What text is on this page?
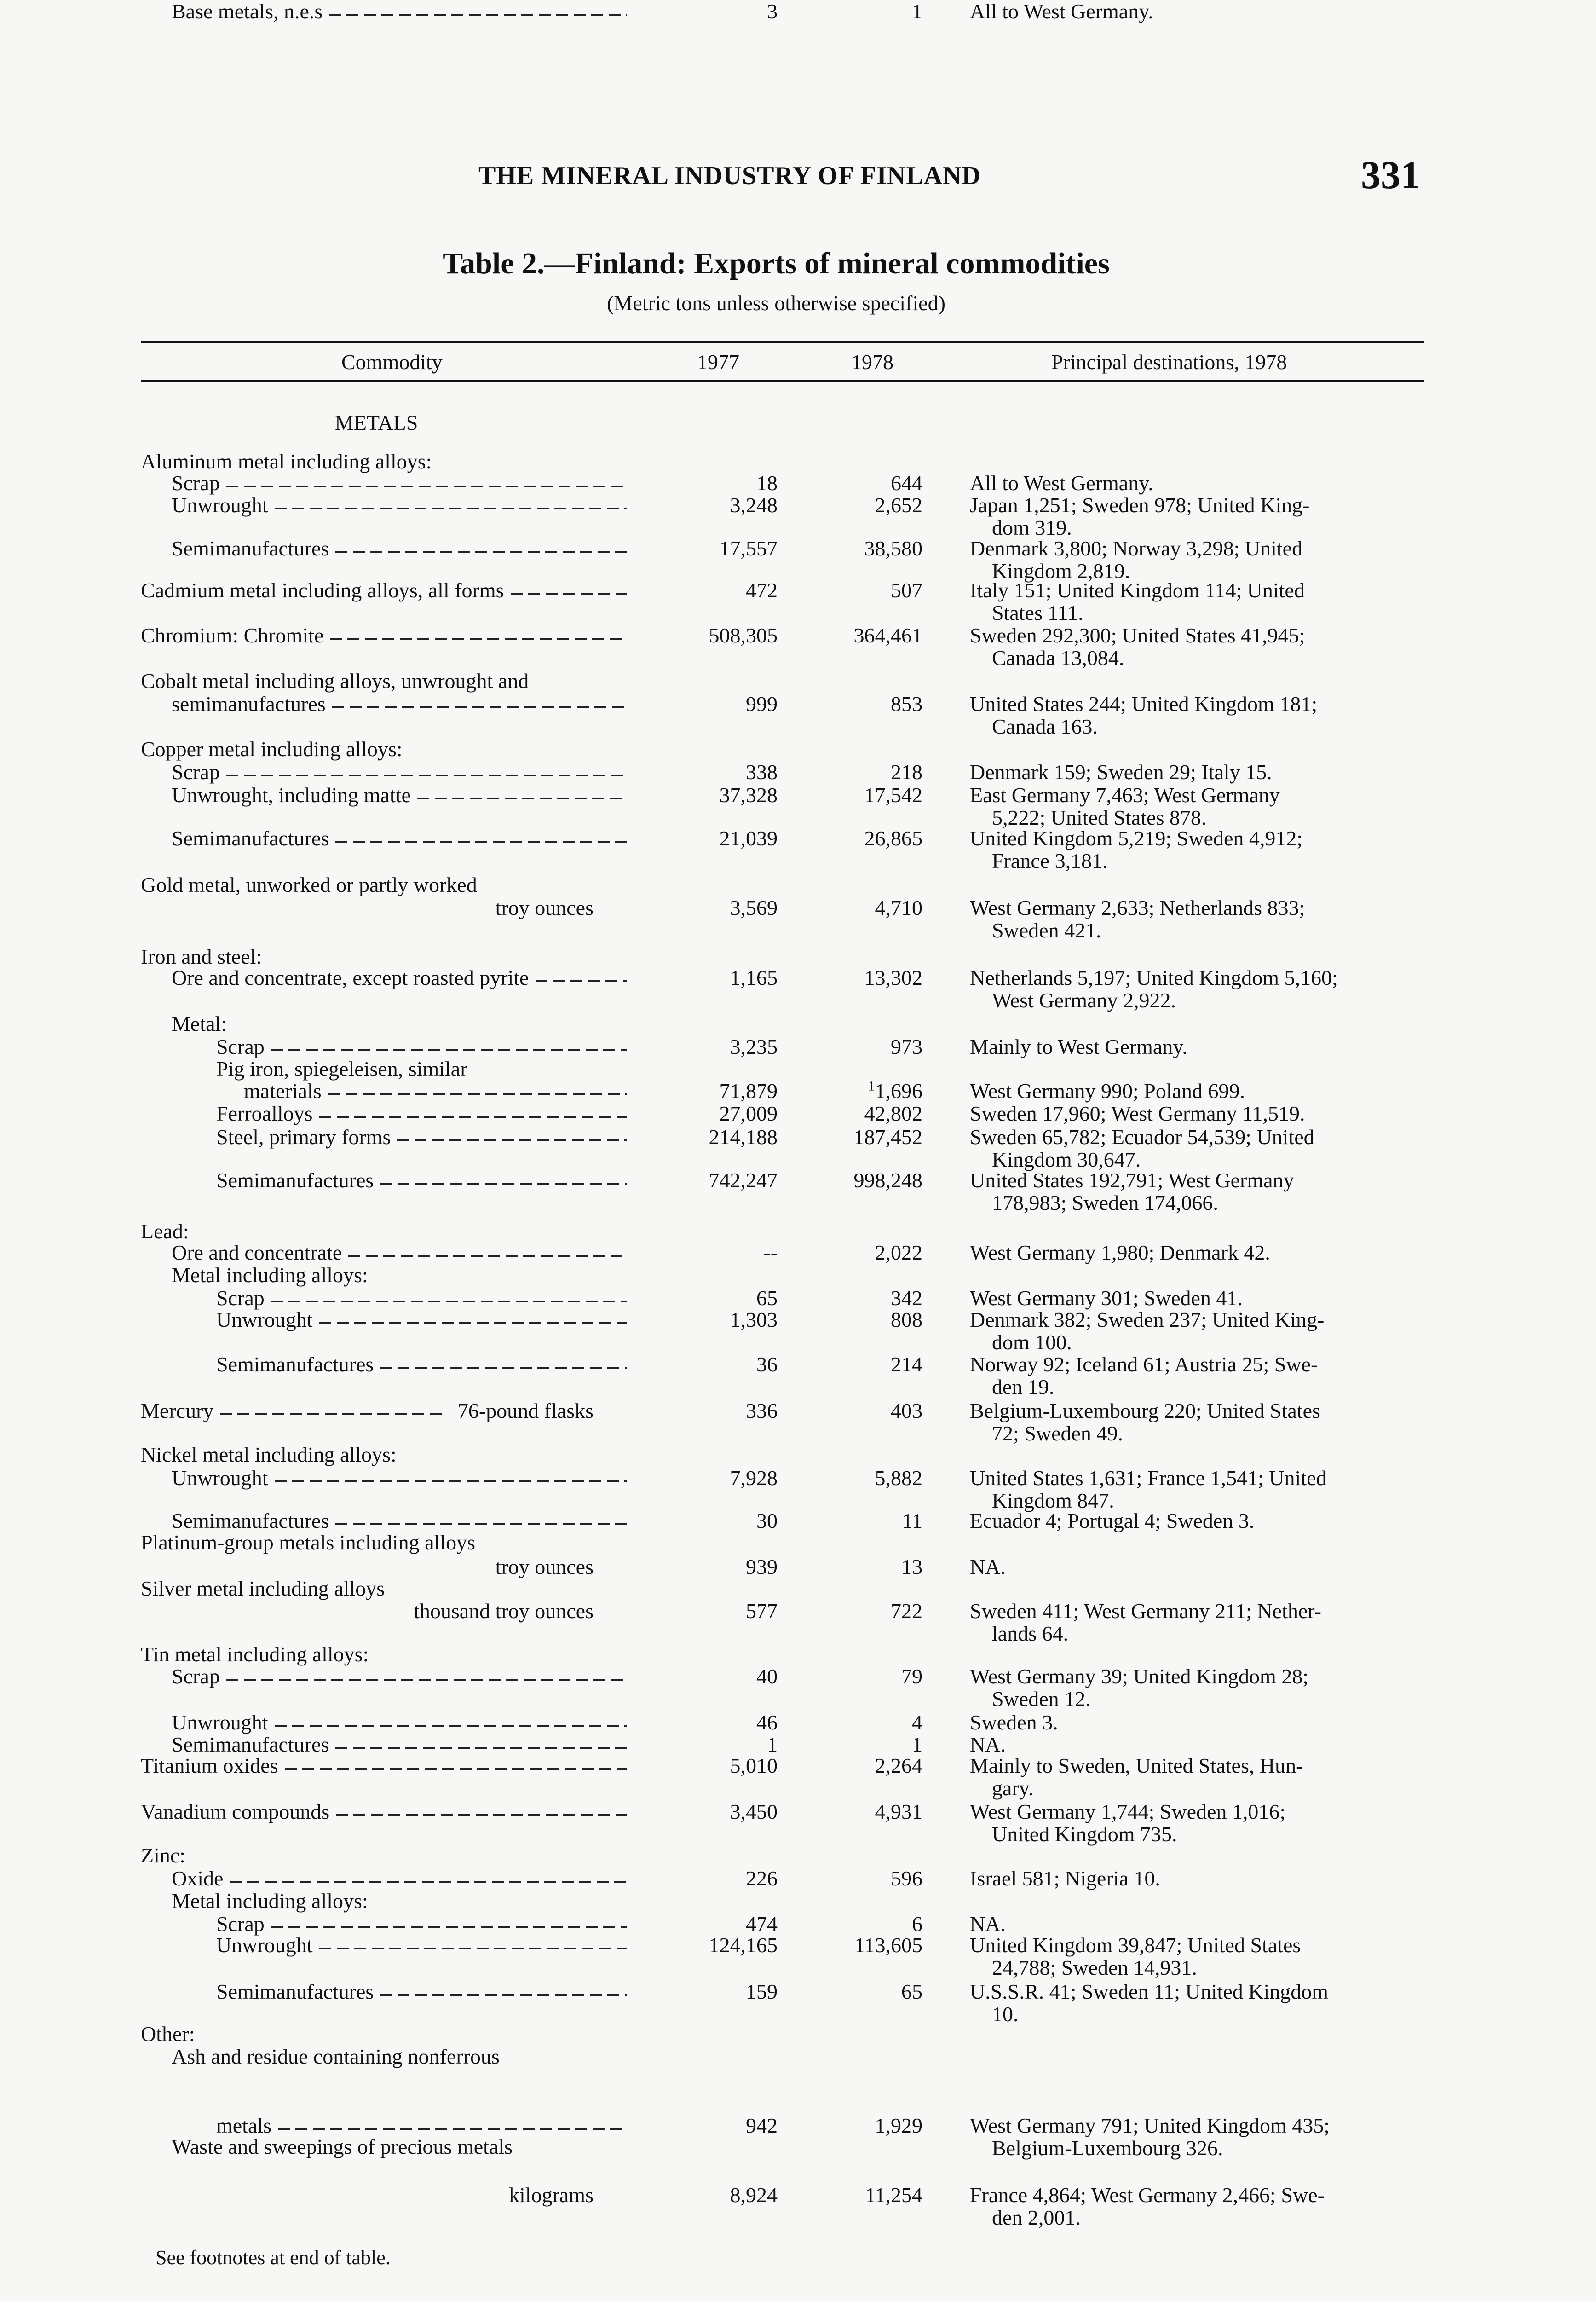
THE MINERAL INDUSTRY OF FINLAND	331
Table 2.—Finland: Exports of mineral commodities
(Metric tons unless otherwise specified)
Commodity	1977	1978	Principal destinations, 1978
METALS
Aluminum metal including alloys:
Scrap	18	644 All to West Germany.
Unwrought	3,248	2,652 Japan 1,251; Sweden 978; United King-
dom 319.
Semimanufactures	17,557	38,580 Denmark 3,800; Norway 3,298; United
Kingdom 2,819.
Cadmium metal including alloys, all forms	472	507 Italy 151; United Kingdom 114; United
States 111.
Chromium: Chromite	508,305	364,461 Sweden 292,300; United States 41,945;
Canada 13,084.
Cobalt metal including alloys, unwrought and
semimanufactures	999	853 United States 244; United Kingdom 181;
Canada 163.
Copper metal including alloys:
Scrap	338	218 Denmark 159; Sweden 29; Italy 15.
Unwrought, including matte	37,328	17,542 East Germany 7,463; West Germany
5,222; United States 878.
Semimanufactures	21,039	26,865 United Kingdom 5,219; Sweden 4,912;
France 3,181.
Gold metal, unworked or partly worked
troy ounces	3,569	4,710 West Germany 2,633; Netherlands 833;
Sweden 421.
Iron and steel:
Ore and concentrate, except roasted pyrite	1,165	13,302 Netherlands 5,197; United Kingdom 5,160;
West Germany 2,922.
Metal:
Scrap	3,235	973 Mainly to West Germany.
Pig iron, spiegeleisen, similar
materials	71,879	$^1$1,696 West Germany 990; Poland 699.
Ferroalloys	27,009	42,802 Sweden 17,960; West Germany 11,519.
Steel, primary forms	214,188	187,452 Sweden 65,782; Ecuador 54,539; United
Kingdom 30,647.
Semimanufactures	742,247	998,248 United States 192,791; West Germany
178,983; Sweden 174,066.
Lead:
Ore and concentrate	--	2,022 West Germany 1,980; Denmark 42.
Metal including alloys:
Scrap	65	342 West Germany 301; Sweden 41.
Unwrought	1,303	808 Denmark 382; Sweden 237; United King-
dom 100.
Semimanufactures	36	214 Norway 92; Iceland 61; Austria 25; Swe-
den 19.
Mercury	76-pound flasks	336	403 Belgium-Luxembourg 220; United States
72; Sweden 49.
Nickel metal including alloys:
Unwrought	7,928	5,882 United States 1,631; France 1,541; United
Kingdom 847.
Semimanufactures	30	11 Ecuador 4; Portugal 4; Sweden 3.
Platinum-group metals including alloys
troy ounces	939	13 NA.
Silver metal including alloys
thousand troy ounces	577	722 Sweden 411; West Germany 211; Nether-
lands 64.
Tin metal including alloys:
Scrap	40	79 West Germany 39; United Kingdom 28;
Sweden 12.
Unwrought	46	4 Sweden 3.
Semimanufactures	1	1 NA.
Titanium oxides	5,010	2,264 Mainly to Sweden, United States, Hun-
gary.
Vanadium compounds	3,450	4,931 West Germany 1,744; Sweden 1,016;
United Kingdom 735.
Zinc:
Oxide	226	596 Israel 581; Nigeria 10.
Metal including alloys:
Scrap	474	6 NA.
Unwrought	124,165	113,605 United Kingdom 39,847; United States
24,788; Sweden 14,931.
Semimanufactures	159	65 U.S.S.R. 41; Sweden 11; United Kingdom
10.
Other:
Ash and residue containing nonferrous
metals	942	1,929 West Germany 791; United Kingdom 435;
Belgium-Luxembourg 326.
Waste and sweepings of precious metals
kilograms	8,924	11,254 France 4,864; West Germany 2,466; Swe-
den 2,001.
Base metals, n.e.s	3	1 All to West Germany.
See footnotes at end of table.
